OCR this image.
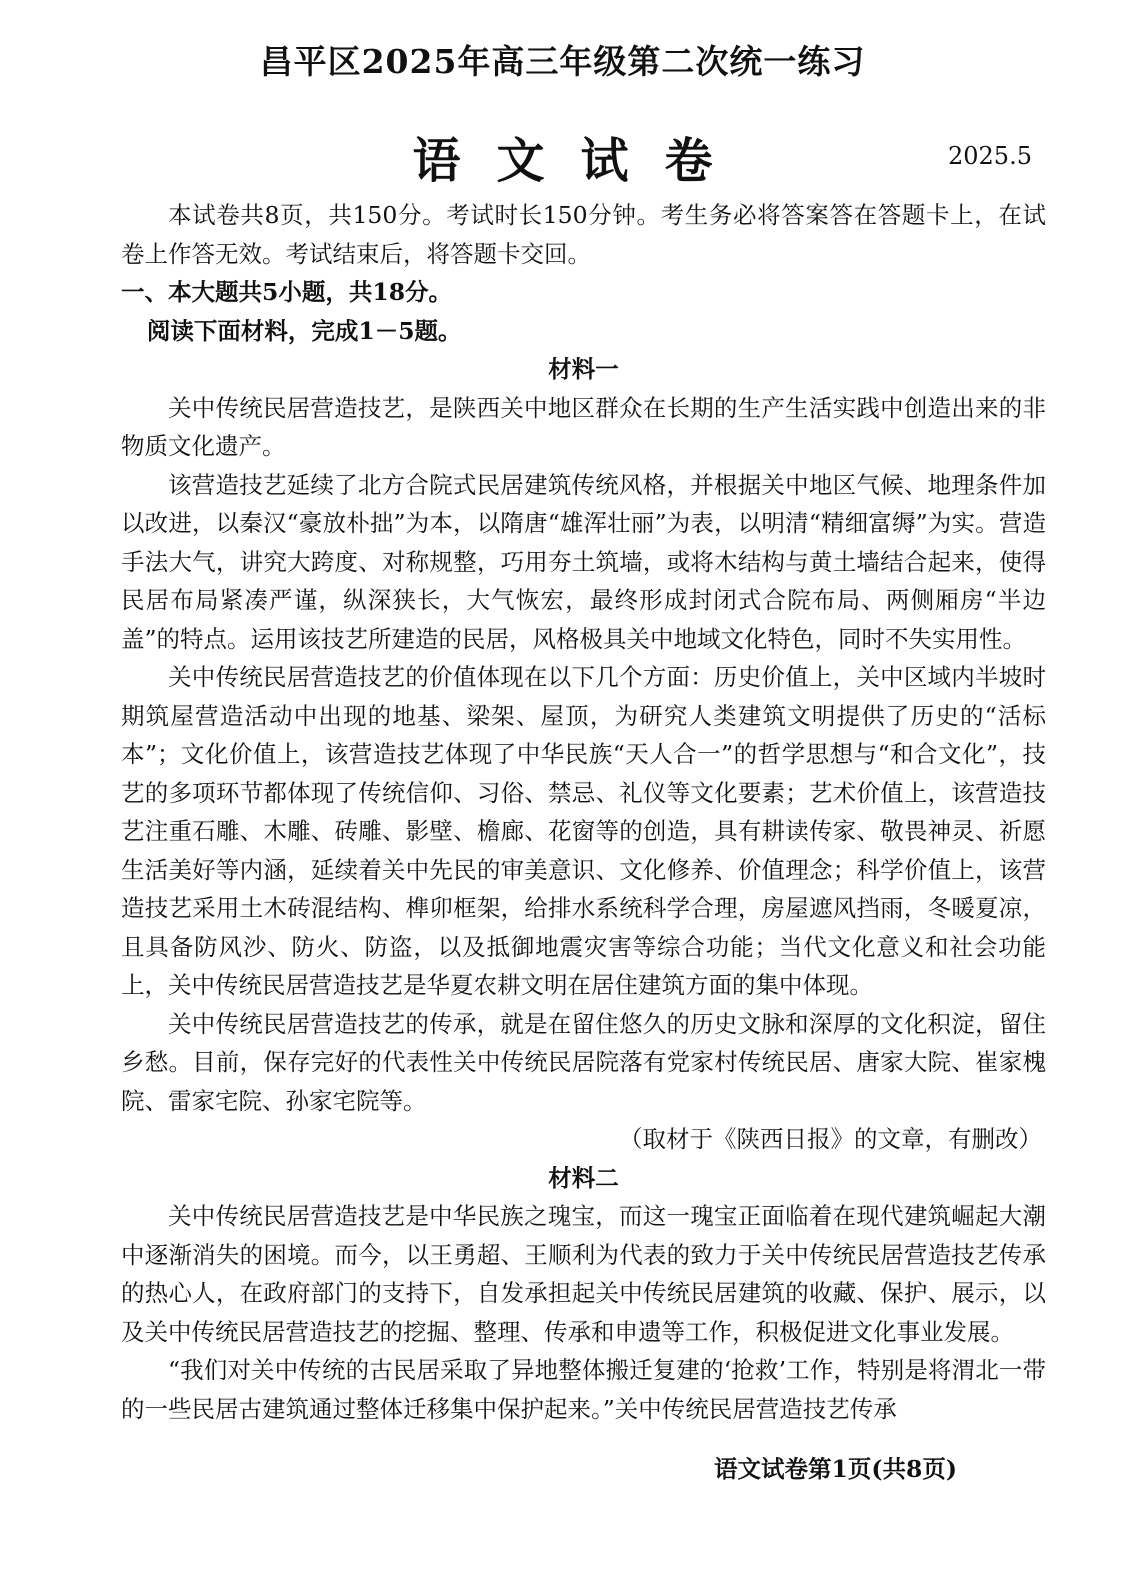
昌平区2025年高三年级第二次统一练习
语文试卷	2025.5

本试卷共8页，共150分。考试时长150分钟。考生务必将答案答在答题卡上，在试卷上作答无效。考试结束后，将答题卡交回。

一、本大题共5小题，共18分。

阅读下面材料，完成1－5题。

材料一

关中传统民居营造技艺，是陕西关中地区群众在长期的生产生活实践中创造出来的非物质文化遗产。

该营造技艺延续了北方合院式民居建筑传统风格，并根据关中地区气候、地理条件加以改进，以秦汉“豪放朴拙”为本，以隋唐“雄浑壮丽”为表，以明清“精细富缛”为实。营造手法大气，讲究大跨度、对称规整，巧用夯土筑墙，或将木结构与黄土墙结合起来，使得民居布局紧凑严谨，纵深狭长，大气恢宏，最终形成封闭式合院布局、两侧厢房“半边盖”的特点。运用该技艺所建造的民居，风格极具关中地域文化特色，同时不失实用性。

关中传统民居营造技艺的价值体现在以下几个方面：历史价值上，关中区域内半坡时期筑屋营造活动中出现的地基、梁架、屋顶，为研究人类建筑文明提供了历史的“活标本”；文化价值上，该营造技艺体现了中华民族“天人合一”的哲学思想与“和合文化”，技艺的多项环节都体现了传统信仰、习俗、禁忌、礼仪等文化要素；艺术价值上，该营造技艺注重石雕、木雕、砖雕、影壁、檐廊、花窗等的创造，具有耕读传家、敬畏神灵、祈愿生活美好等内涵，延续着关中先民的审美意识、文化修养、价值理念；科学价值上，该营造技艺采用土木砖混结构、榫卯框架，给排水系统科学合理，房屋遮风挡雨，冬暖夏凉，且具备防风沙、防火、防盗，以及抵御地震灾害等综合功能；当代文化意义和社会功能上，关中传统民居营造技艺是华夏农耕文明在居住建筑方面的集中体现。

关中传统民居营造技艺的传承，就是在留住悠久的历史文脉和深厚的文化积淀，留住乡愁。目前，保存完好的代表性关中传统民居院落有党家村传统民居、唐家大院、崔家槐院、雷家宅院、孙家宅院等。

（取材于《陕西日报》的文章，有删改）

材料二

关中传统民居营造技艺是中华民族之瑰宝，而这一瑰宝正面临着在现代建筑崛起大潮中逐渐消失的困境。而今，以王勇超、王顺利为代表的致力于关中传统民居营造技艺传承的热心人，在政府部门的支持下，自发承担起关中传统民居建筑的收藏、保护、展示，以及关中传统民居营造技艺的挖掘、整理、传承和申遗等工作，积极促进文化事业发展。

“我们对关中传统的古民居采取了异地整体搬迁复建的‘抢救’工作，特别是将渭北一带的一些民居古建筑通过整体迁移集中保护起来。”关中传统民居营造技艺传承

语文试卷第1页(共8页)
